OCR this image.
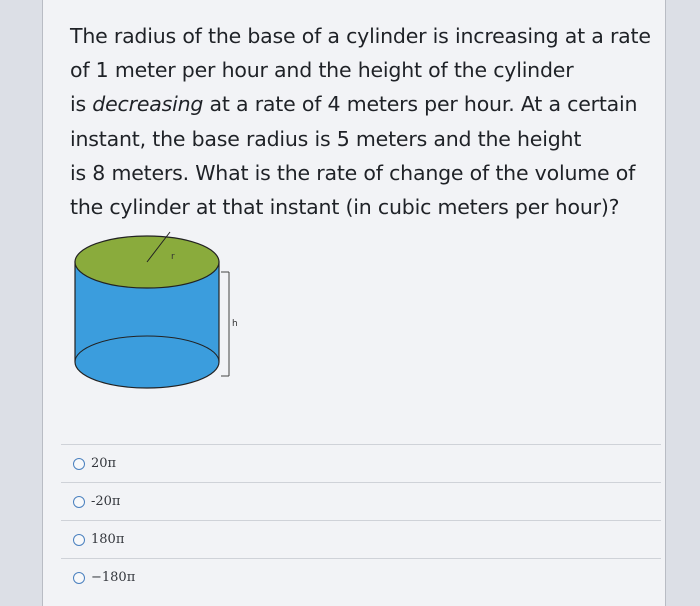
The radius of the base of a cylinder is increasing at a rate
of 1 meter per hour and the height of the cylinder
is decreasing at a rate of 4 meters per hour. At a certain
instant, the base radius is 5 meters and the height
is 8 meters. What is the rate of change of the volume of
the cylinder at that instant (in cubic meters per hour)?

r
h
20π
-20π
180π
−180π
